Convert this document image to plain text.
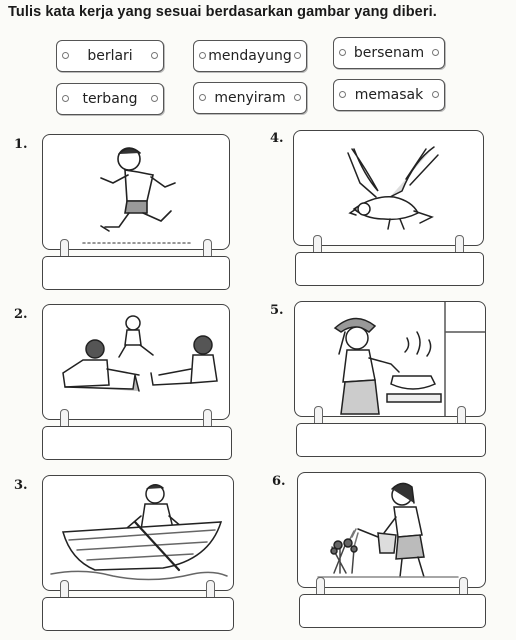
Tulis kata kerja yang sesuai berdasarkan gambar yang diberi.
berlari	mendayung	bersenam
terbang	menyiram	memasak
1.
2.
3.
4.
5.
6.
